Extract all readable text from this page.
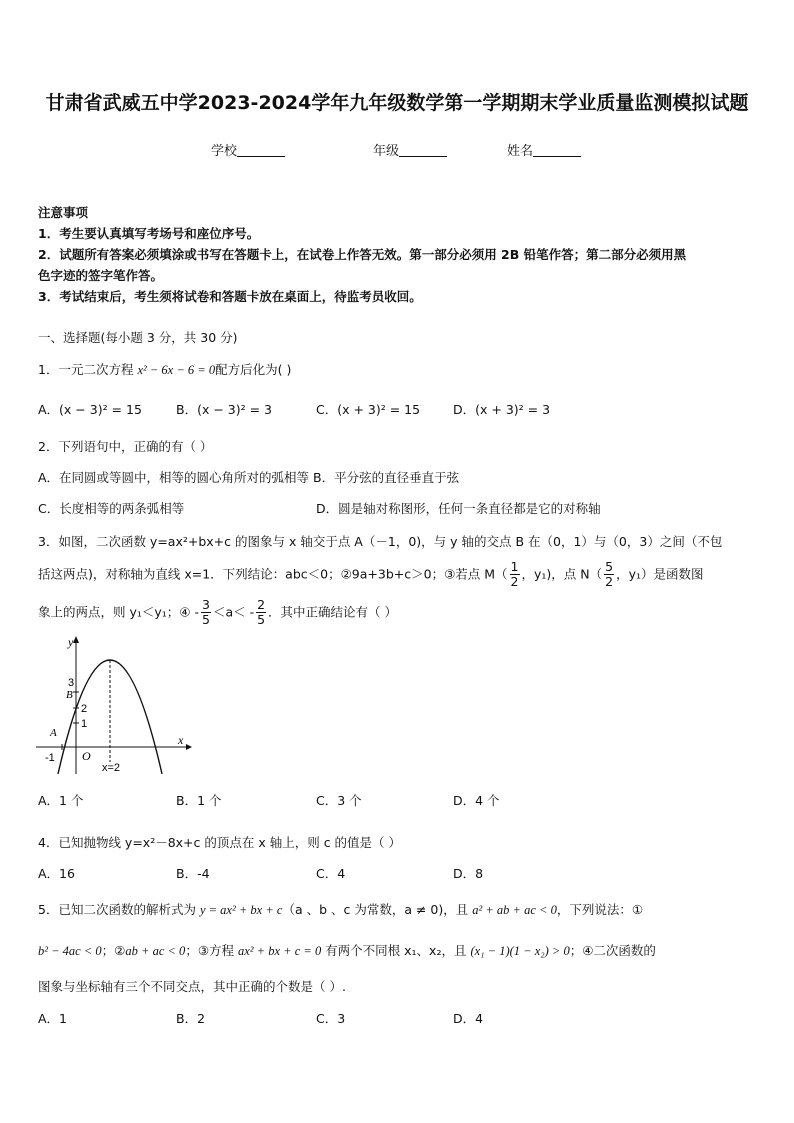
甘肃省武威五中学2023-2024学年九年级数学第一学期期末学业质量监测模拟试题
学校	年级	姓名
注意事项
1．考生要认真填写考场号和座位序号。
2．试题所有答案必须填涂或书写在答题卡上，在试卷上作答无效。第一部分必须用 2B 铅笔作答；第二部分必须用黑
色字迹的签字笔作答。
3．考试结束后，考生须将试卷和答题卡放在桌面上，待监考员收回。
一、选择题(每小题 3 分，共 30 分)
1．一元二次方程 x² − 6x − 6 = 0配方后化为( )
A．(x − 3)² = 15	B．(x − 3)² = 3	C．(x + 3)² = 15	D．(x + 3)² = 3
2．下列语句中，正确的有（ ）
A．在同圆或等圆中，相等的圆心角所对的弧相等 B．平分弦的直径垂直于弦
C．长度相等的两条弧相等	D．圆是轴对称图形，任何一条直径都是它的对称轴
3．如图，二次函数 y=ax²+bx+c 的图象与 x 轴交于点 A（－1，0)，与 y 轴的交点 B 在（0，1）与（0，3）之间（不包
括这两点)，对称轴为直线 x=1．下列结论：abc＜0；②9a+3b+c＞0；③若点 $M( \frac{1}{2}$ ，y₁)，点 $N( \frac{5}{2}$ ，y₁）是函数图
象上的两点，则 y₁＜y₁；④ - $\frac{3}{5} <a< - \frac{2}{5}$ ．其中正确结论有（ ）
y
x
O
A
B
3
2
1
-1
x=2
A．1 个	B．1 个	C．3 个	D．4 个
4．已知抛物线 y=x²－8x+c 的顶点在 x 轴上，则 c 的值是（ ）
A．16	B．-4	C．4	D．8
5．已知二次函数的解析式为 y = ax² + bx + c（a 、b 、c 为常数，a ≠ 0)，且 a² + ab + ac < 0，下列说法：①
b² − 4ac < 0；②ab + ac < 0；③方程 ax² + bx + c = 0 有两个不同根 x₁、x₂，且 (x₁ − 1)(1 − x₂) > 0；④二次函数的
图象与坐标轴有三个不同交点，其中正确的个数是（ ）.
A．1	B．2	C．3	D．4
